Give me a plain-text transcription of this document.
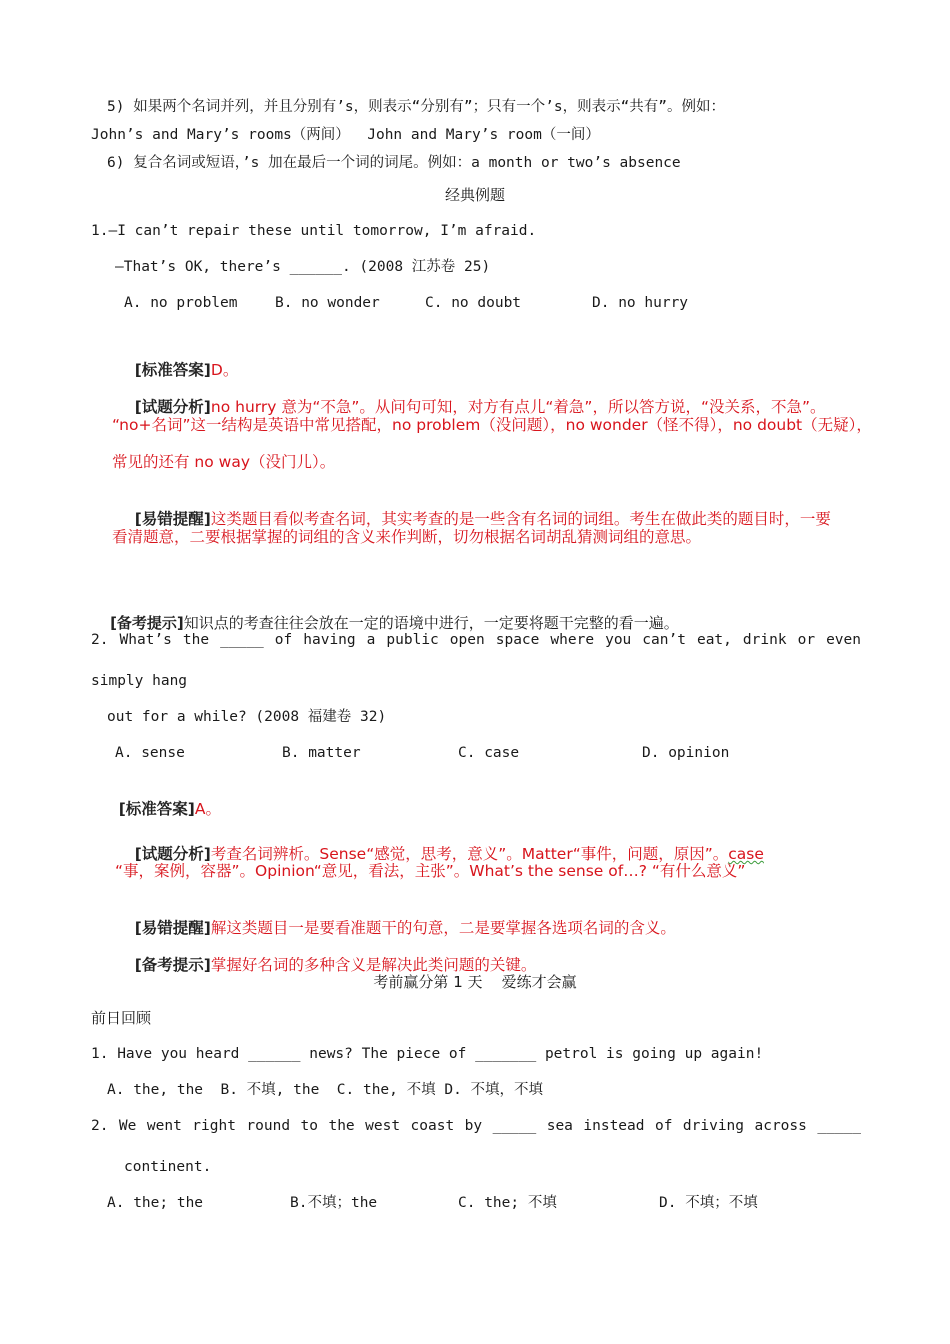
5) 如果两个名词并列，并且分别有’s，则表示“分别有”；只有一个’s，则表示“共有”。例如：
John’s and Mary’s rooms（两间）  John and Mary’s room（一间）
6) 复合名词或短语，’s 加在最后一个词的词尾。例如：a month or two’s absence
经典例题
1.—I can’t repair these until tomorrow, I’m afraid.
—That’s OK, there’s ______. (2008 江苏卷 25)
A. no problem	B. no wonder	C. no doubt	D. no hurry

[标准答案]D。

[试题分析]no hurry 意为“不急”。从问句可知，对方有点儿“着急”，所以答方说，“没关系，不急”。

“no+名词”这一结构是英语中常见搭配，no problem（没问题），no wonder（怪不得），no doubt（无疑），
常见的还有 no way（没门儿）。

[易错提醒]这类题目看似考查名词，其实考查的是一些含有名词的词组。考生在做此类的题目时，一要

看清题意，二要根据掌握的词组的含义来作判断，切勿根据名词胡乱猜测词组的意思。

[备考提示]知识点的考查往往会放在一定的语境中进行，一定要将题干完整的看一遍。

2. What’s the _____ of having a public open space where you can’t eat, drink or even
simply hang
out for a while? (2008 福建卷 32)
A. sense	B. matter	C. case	D. opinion

[标准答案]A。

[试题分析]考查名词辨析。Sense“感觉，思考，意义”。Matter“事件，问题，原因”。case

“事，案例，容器”。Opinion“意见，看法，主张”。What’s the sense of…? “有什么意义”

[易错提醒]解这类题目一是要看准题干的句意，二是要掌握各选项名词的含义。

[备考提示]掌握好名词的多种含义是解决此类问题的关键。

考前赢分第 1 天    爱练才会赢
前日回顾
1. Have you heard ______ news? The piece of _______ petrol is going up again!
A. the, the  B. 不填, the  C. the, 不填 D. 不填，不填
2. We went right round to the west coast by _____ sea instead of driving across _____
continent.
A. the; the	B.不填；the	C. the; 不填	D. 不填；不填
